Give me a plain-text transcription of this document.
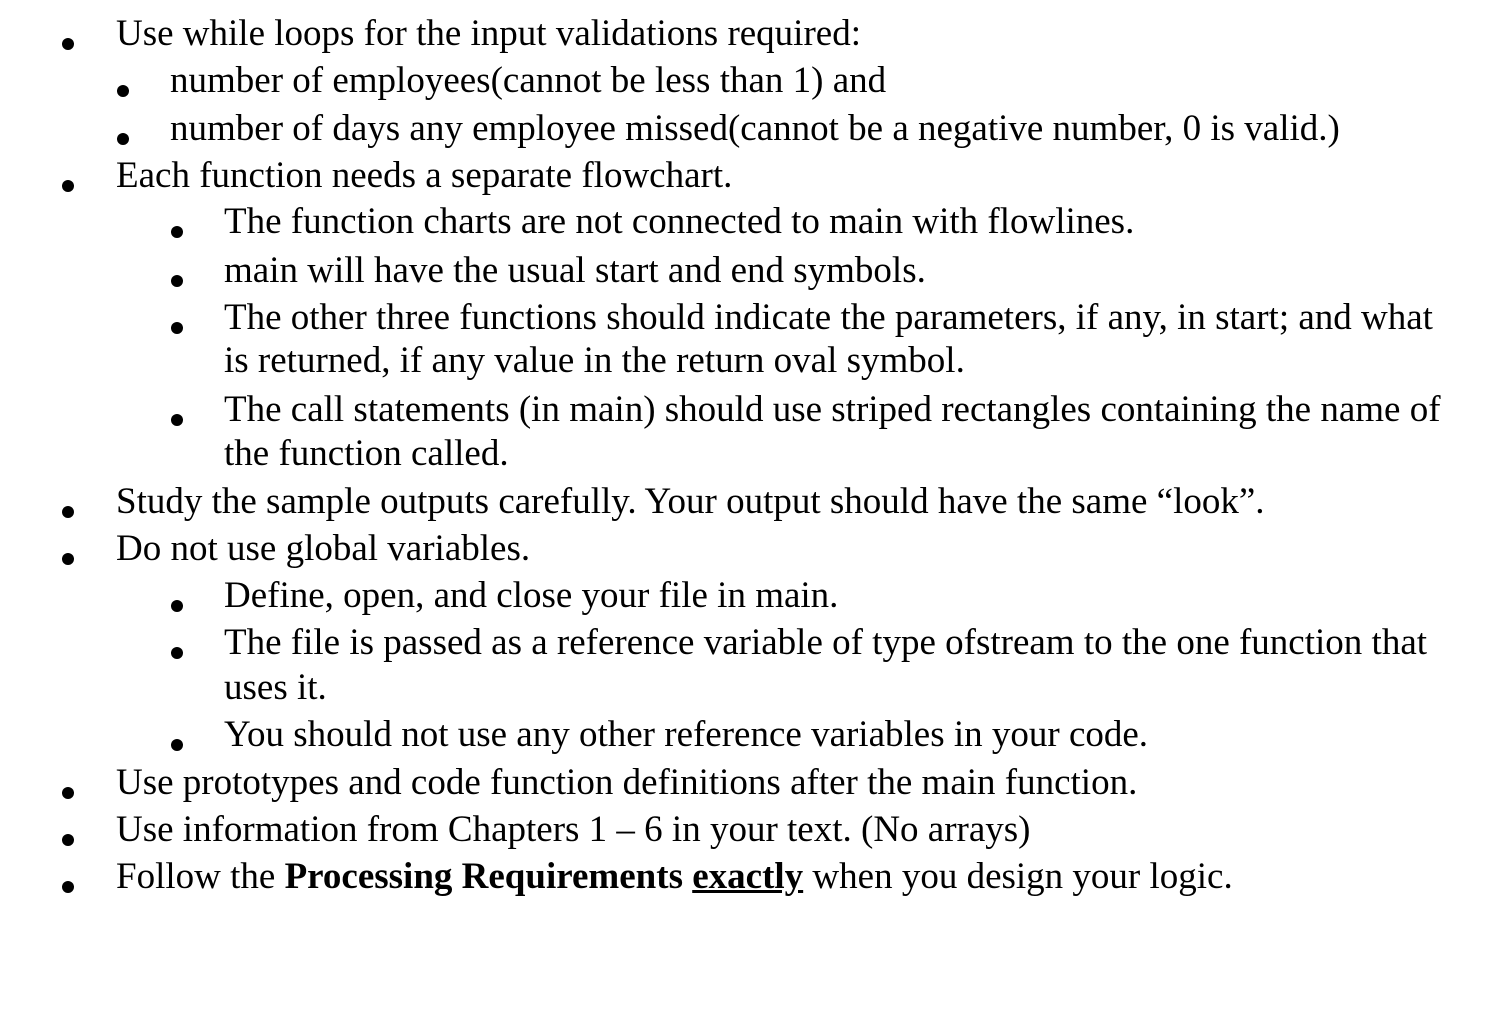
Use while loops for the input validations required:
number of employees(cannot be less than 1) and
number of days any employee missed(cannot be a negative number, 0 is valid.)
Each function needs a separate flowchart.
The function charts are not connected to main with flowlines.
main will have the usual start and end symbols.
The other three functions should indicate the parameters, if any, in start; and what
is returned, if any value in the return oval symbol.
The call statements (in main) should use striped rectangles containing the name of
the function called.
Study the sample outputs carefully. Your output should have the same “look”.
Do not use global variables.
Define, open, and close your file in main.
The file is passed as a reference variable of type ofstream to the one function that
uses it.
You should not use any other reference variables in your code.
Use prototypes and code function definitions after the main function.
Use information from Chapters 1 – 6 in your text. (No arrays)
Follow the Processing Requirements exactly when you design your logic.
